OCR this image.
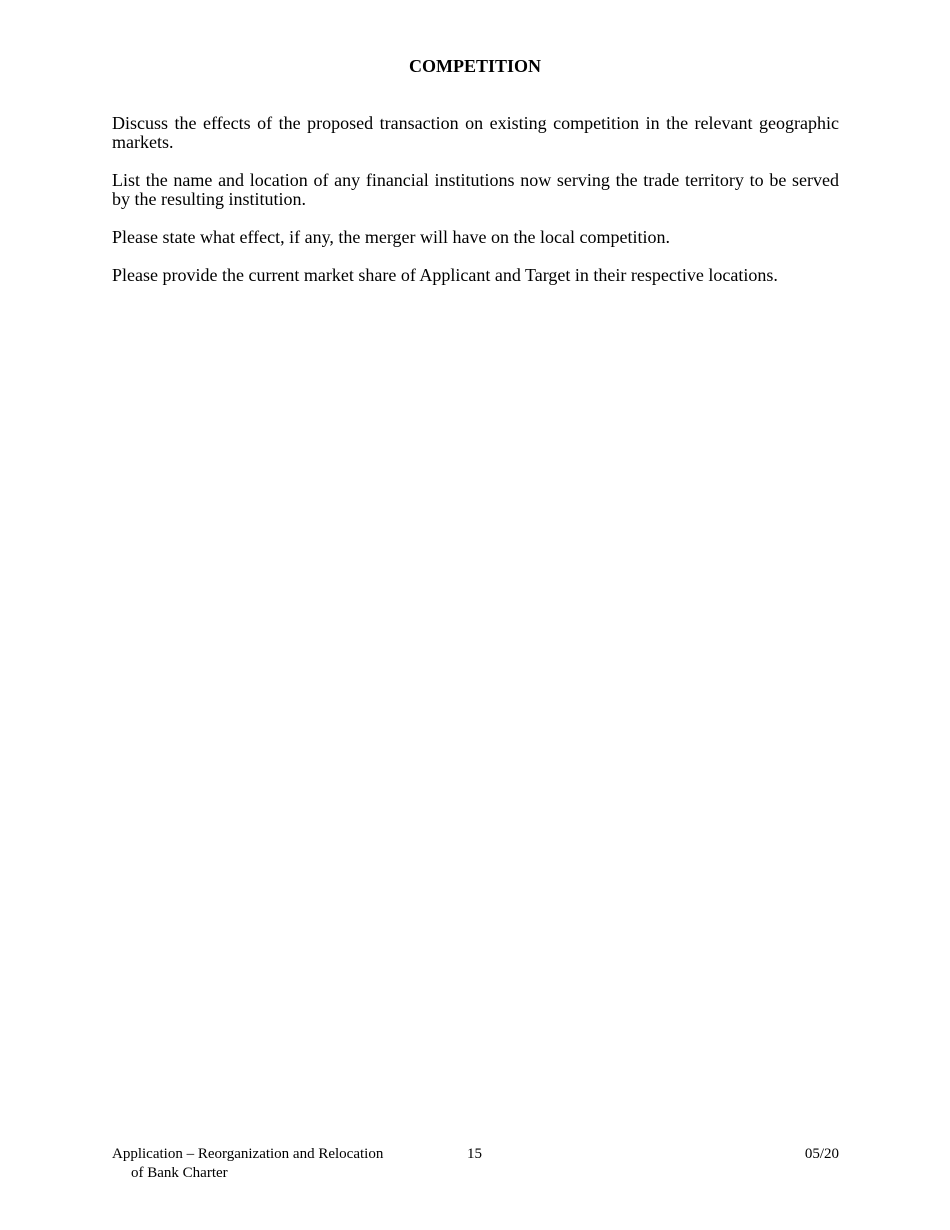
COMPETITION

Discuss the effects of the proposed transaction on existing competition in the relevant geographic markets.

List the name and location of any financial institutions now serving the trade territory to be served by the resulting institution.

Please state what effect, if any, the merger will have on the local competition.

Please provide the current market share of Applicant and Target in their respective locations.

Application – Reorganization and Relocation
of Bank Charter
15	05/20
